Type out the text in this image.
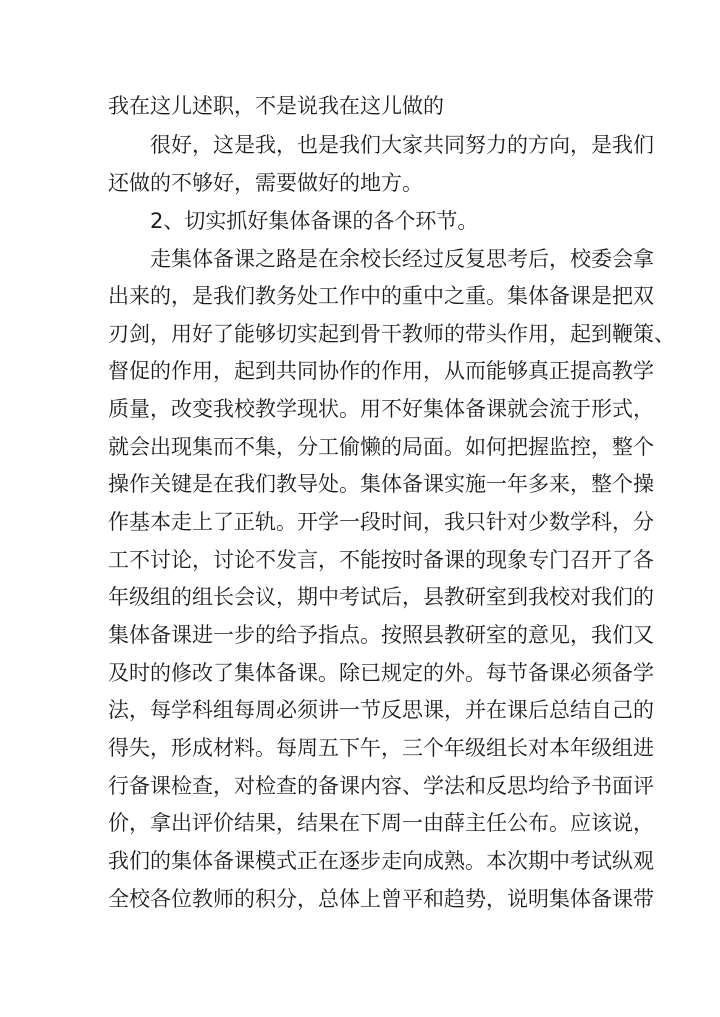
我在这儿述职，不是说我在这儿做的
很好，这是我，也是我们大家共同努力的方向，是我们
还做的不够好，需要做好的地方。
2、切实抓好集体备课的各个环节。
走集体备课之路是在余校长经过反复思考后，校委会拿
出来的，是我们教务处工作中的重中之重。集体备课是把双
刃剑，用好了能够切实起到骨干教师的带头作用，起到鞭策、
督促的作用，起到共同协作的作用，从而能够真正提高教学
质量，改变我校教学现状。用不好集体备课就会流于形式，
就会出现集而不集，分工偷懒的局面。如何把握监控，整个
操作关键是在我们教导处。集体备课实施一年多来，整个操
作基本走上了正轨。开学一段时间，我只针对少数学科，分
工不讨论，讨论不发言，不能按时备课的现象专门召开了各
年级组的组长会议，期中考试后，县教研室到我校对我们的
集体备课进一步的给予指点。按照县教研室的意见，我们又
及时的修改了集体备课。除已规定的外。每节备课必须备学
法，每学科组每周必须讲一节反思课，并在课后总结自己的
得失，形成材料。每周五下午，三个年级组长对本年级组进
行备课检查，对检查的备课内容、学法和反思均给予书面评
价，拿出评价结果，结果在下周一由薛主任公布。应该说，
我们的集体备课模式正在逐步走向成熟。本次期中考试纵观
全校各位教师的积分，总体上曾平和趋势，说明集体备课带
